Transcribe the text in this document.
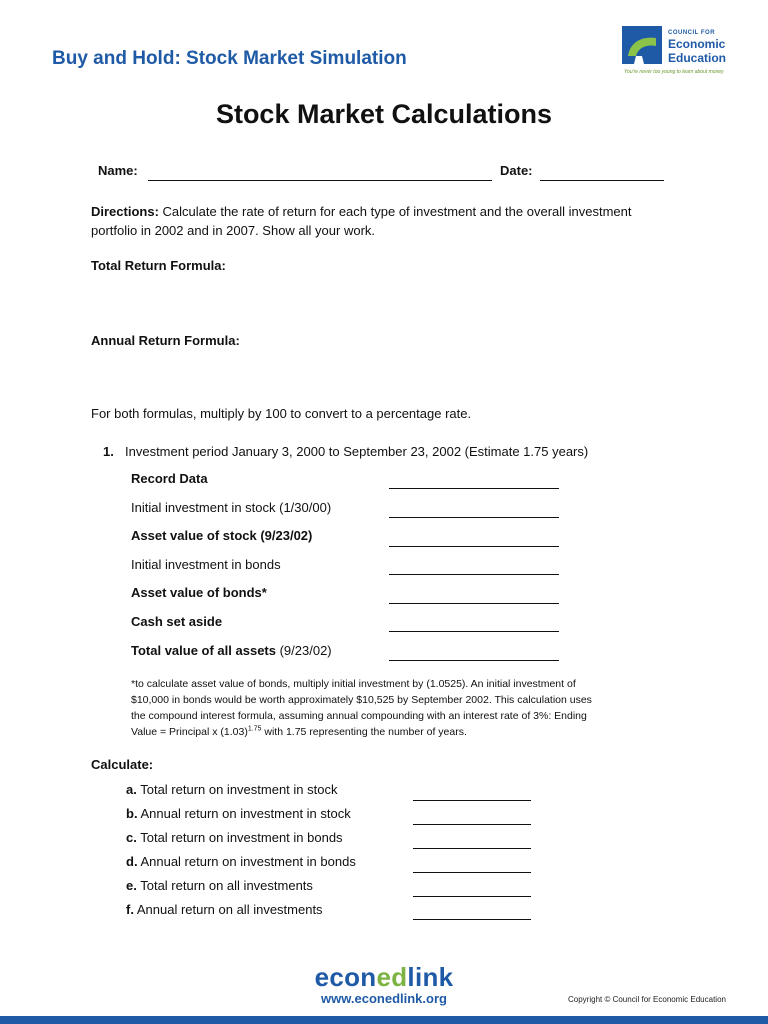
Buy and Hold: Stock Market Simulation
COUNCIL FOR
Economic
Education
You're never too young to learn about money
Stock Market Calculations
Name:	Date:
Directions: Calculate the rate of return for each type of investment and the overall investment
portfolio in 2002 and in 2007. Show all your work.
Total Return Formula:
Annual Return Formula:
For both formulas, multiply by 100 to convert to a percentage rate.
1. Investment period January 3, 2000 to September 23, 2002 (Estimate 1.75 years)
Record Data
Initial investment in stock (1/30/00)
Asset value of stock (9/23/02)
Initial investment in bonds
Asset value of bonds*
Cash set aside
Total value of all assets (9/23/02)
*to calculate asset value of bonds, multiply initial investment by (1.0525). An initial investment of
$10,000 in bonds would be worth approximately $10,525 by September 2002. This calculation uses
the compound interest formula, assuming annual compounding with an interest rate of 3%: Ending
Value = Principal x $(1.03)^{1.75}$ with 1.75 representing the number of years.
Calculate:
a. Total return on investment in stock
b. Annual return on investment in stock
c. Total return on investment in bonds
d. Annual return on investment in bonds
e. Total return on all investments
f. Annual return on all investments
econedlink
www.econedlink.org	Copyright © Council for Economic Education
